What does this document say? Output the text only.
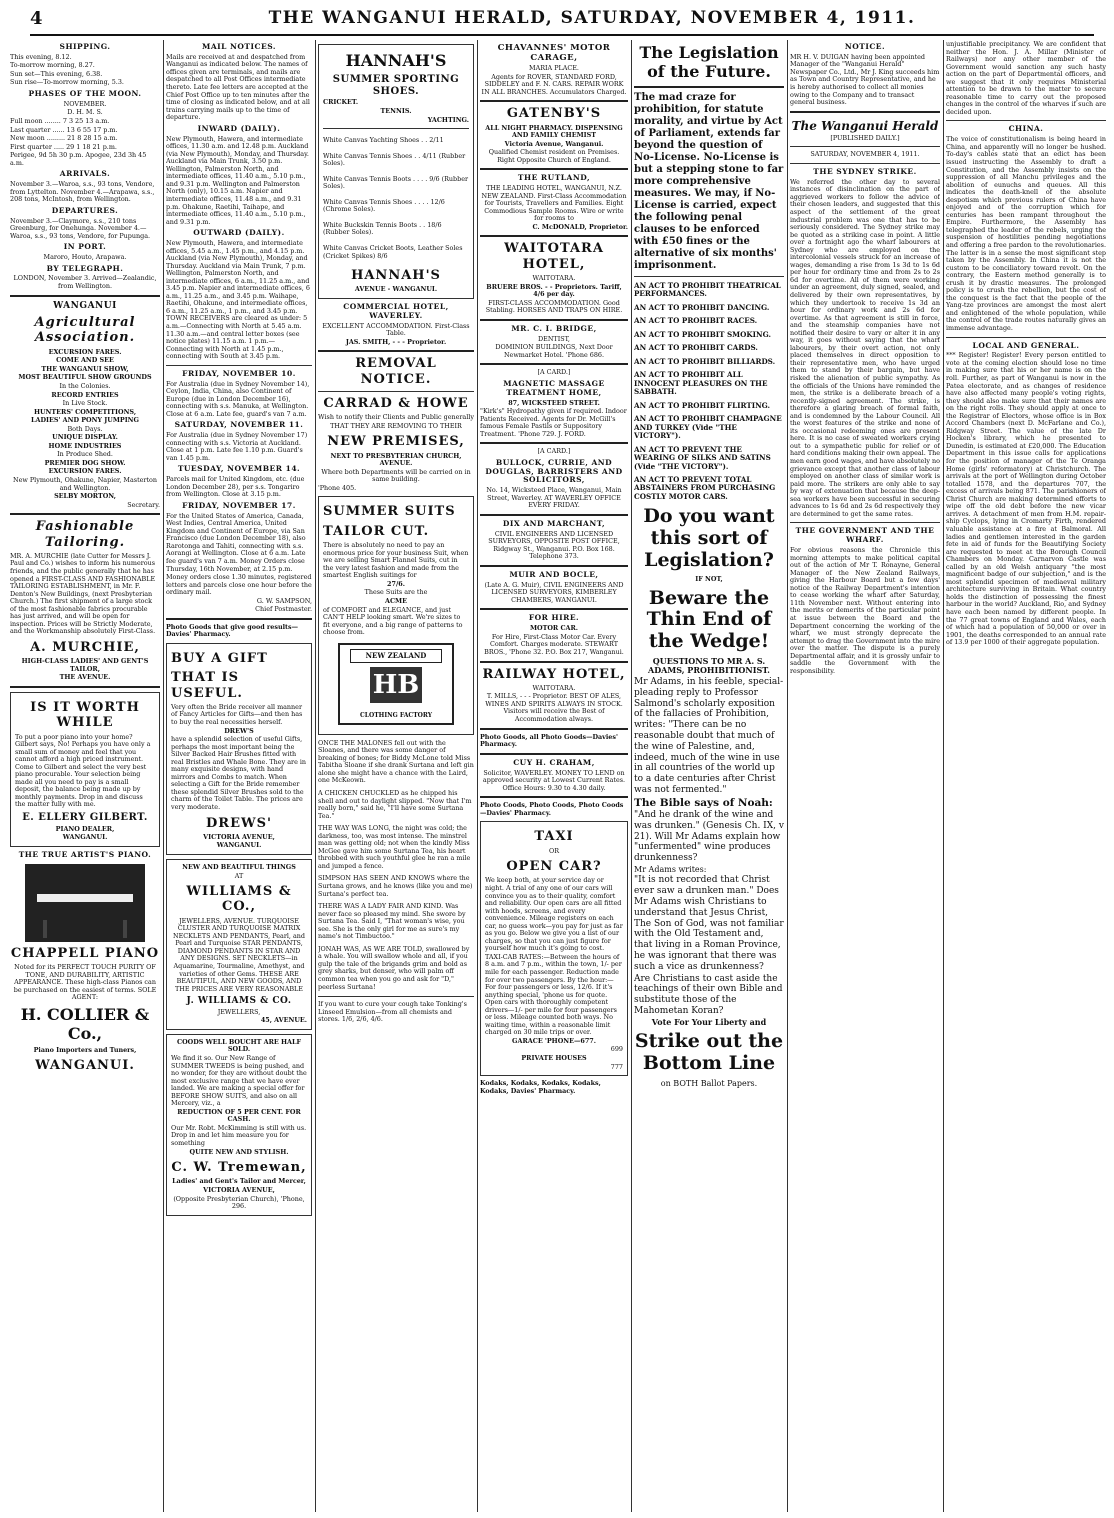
4	THE WANGANUI HERALD, SATURDAY, NOVEMBER 4, 1911.
SHIPPING.

This evening, 8.12.

To-morrow morning, 8.27.

Sun set—This evening, 6.38.

Sun rise—To-morrow morning, 5.3.

PHASES OF THE MOON.

NOVEMBER.

D. H. M. S.

Full moon ........ 7 3 25 13 a.m.

Last quarter ...... 13 6 55 17 p.m.

New moon ......... 21 8 28 15 a.m.

First quarter ..... 29 1 18 21 p.m.

Perigee, 9d 5h 30 p.m. Apogee, 23d 3h 45 a.m.

ARRIVALS.

November 3.—Waroa, s.s., 93 tons, Vendore, from Lyttelton. November 4.—Arapawa, s.s., 208 tons, McIntosh, from Wellington.

DEPARTURES.

November 3.—Claymore, s.s., 210 tons Greenburg, for Onehunga. November 4.—Waroa, s.s., 93 tons, Vendore, for Pupunga.

IN PORT.

Maroro, Houto, Arapawa.

BY TELEGRAPH.

LONDON, November 3. Arrived—Zealandic, from Wellington.

WANGANUI
Agricultural Association.

EXCURSION FARES.

COME AND SEE

THE WANGANUI SHOW,

MOST BEAUTIFUL SHOW GROUNDS

In the Colonies.

RECORD ENTRIES

In Live Stock.

HUNTERS' COMPETITIONS,

LADIES' AND PONY JUMPING

Both Days.

UNIQUE DISPLAY.

HOME INDUSTRIES

In Produce Shed.

PREMIER DOG SHOW.

EXCURSION FARES.

New Plymouth, Ohakune, Napier, Masterton and Wellington.

SELBY MORTON,

Secretary.

Fashionable Tailoring.

MR. A. MURCHIE (late Cutter for Messrs J. Paul and Co.) wishes to inform his numerous friends, and the public generally that he has opened a FIRST-CLASS AND FASHIONABLE TAILORING ESTABLISHMENT, in Mr. F. Denton's New Buildings, (next Presbyterian Church.) The first shipment of a large stock of the most fashionable fabrics procurable has just arrived, and will be open for inspection. Prices will be Strictly Moderate, and the Workmanship absolutely First-Class.

A. MURCHIE,

HIGH-CLASS LADIES' AND GENT'S TAILOR,

THE AVENUE.

IS IT WORTH WHILE

To put a poor piano into your home? Gilbert says, No! Perhaps you have only a small sum of money and feel that you cannot afford a high priced instrument. Come to Gilbert and select the very best piano procurable. Your selection being made all you need to pay is a small deposit, the balance being made up by monthly payments. Drop in and discuss the matter fully with me.

E. ELLERY GILBERT.

PIANO DEALER,

WANGANUI.

THE TRUE ARTIST'S PIANO.
CHAPPELL PIANO

Noted for its PERFECT TOUCH PURITY OF TONE, AND DURABILITY, ARTISTIC APPEARANCE. These high-class Pianos can be purchased on the easiest of terms. SOLE AGENT:

H. COLLIER & Co.,

Piano Importers and Tuners,

WANGANUI.
MAIL NOTICES.

Mails are received at and despatched from Wanganui as indicated below. The names of offices given are terminals, and mails are despatched to all Post Offices intermediate thereto. Late fee letters are accepted at the Chief Post Office up to ten minutes after the time of closing as indicated below, and at all trains carrying mails up to the time of departure.

INWARD (DAILY).

New Plymouth, Hawera, and intermediate offices, 11.30 a.m. and 12.48 p.m. Auckland (via New Plymouth), Monday, and Thursday. Auckland via Main Trunk, 3.50 p.m. Wellington, Palmerston North, and intermediate offices, 11.40 a.m., 5.10 p.m., and 9.31 p.m. Wellington and Palmerston North (only), 10.15 a.m. Napier and intermediate offices, 11.48 a.m., and 9.31 p.m. Ohakune, Raetihi, Taihape, and intermediate offices, 11.40 a.m., 5.10 p.m., and 9.31 p.m.

OUTWARD (DAILY).

New Plymouth, Hawera, and intermediate offices, 5.45 a.m., 1.45 p.m., and 4.15 p.m. Auckland (via New Plymouth), Monday, and Thursday. Auckland via Main Trunk, 7 p.m. Wellington, Palmerston North, and intermediate offices, 6 a.m., 11.25 a.m., and 3.45 p.m. Napier and intermediate offices, 6 a.m., 11.25 a.m., and 3.45 p.m. Waihape, Raetihi, Ohakune, and intermediate offices, 6 a.m., 11.25 a.m., 1 p.m., and 3.45 p.m. TOWN RECEIVERS are cleared as under: 5 a.m.—Connecting with North at 5.45 a.m. 11.30 a.m.—and central letter boxes (see notice plates) 11.15 a.m. 1 p.m.—Connecting with North at 1.45 p.m., connecting with South at 3.45 p.m.

FRIDAY, NOVEMBER 10.

For Australia (due in Sydney November 14), Ceylon, India, China, also Continent of Europe (due in London December 16), connecting with s.s. Manuka, at Wellington. Close at 6 a.m. Late fee, guard's van 7 a.m.

SATURDAY, NOVEMBER 11.

For Australia (due in Sydney November 17) connecting with s.s. Victoria at Auckland. Close at 1 p.m. Late fee 1.10 p.m. Guard's van 1.45 p.m.

TUESDAY, NOVEMBER 14.

Parcels mail for United Kingdom, etc. (due London December 28), per s.s. Tongariro from Wellington. Close at 3.15 p.m.

FRIDAY, NOVEMBER 17.

For the United States of America, Canada, West Indies, Central America, United Kingdom and Continent of Europe, via San Francisco (due London December 18), also Rarotonga and Tahiti, connecting with s.s. Aorangi at Wellington. Close at 6 a.m. Late fee guard's van 7 a.m. Money Orders close Thursday, 16th November, at 2.15 p.m.

Money orders close 1.30 minutes, registered letters and parcels close one hour before the ordinary mail.

G. W. SAMPSON,

Chief Postmaster.

Photo Goods that give good results—Davies' Pharmacy.

BUY A GIFT
THAT IS USEFUL.

Very often the Bride receiver all manner of Fancy Articles for Gifts—and then has to buy the real necessities herself.

DREW'S

have a splendid selection of useful Gifts, perhaps the most important being the Silver Backed Hair Brushes fitted with real Bristles and Whale Bone. They are in many exquisite designs, with hand mirrors and Combs to match. When selecting a Gift for the Bride remember these splendid Silver Brushes sold to the charm of the Toilet Table. The prices are very moderate.

DREWS'

VICTORIA AVENUE,

WANGANUI.

NEW AND BEAUTIFUL THINGS

AT

WILLIAMS & CO.,

JEWELLERS, AVENUE. TURQUOISE CLUSTER AND TURQUOISE MATRIX NECKLETS AND PENDANTS, Pearl, and Pearl and Turquoise STAR PENDANTS, DIAMOND PENDANTS IN STAR AND ANY DESIGNS. SET NECKLETS—in Aquamarine, Tourmaline, Amethyst, and varieties of other Gems. THESE ARE BEAUTIFUL, AND NEW GOODS, AND THE PRICES ARE VERY REASONABLE

J. WILLIAMS & CO.

JEWELLERS,

45, AVENUE.

COODS WELL BOUCHT ARE HALF SOLD.

We find it so. Our New Range of SUMMER TWEEDS is being pushed, and no wonder, for they are without doubt the most exclusive range that we have ever landed. We are making a special offer for BEFORE SHOW SUITS, and also on all Mercery, viz., a

REDUCTION OF 5 PER CENT. FOR CASH.

Our Mr. Robt. McKimming is still with us. Drop in and let him measure you for something

QUITE NEW AND STYLISH.

C. W. Tremewan,

Ladies' and Gent's Tailor and Mercer,

VICTORIA AVENUE,

(Opposite Presbyterian Church), 'Phone, 296.

HANNAH'S
SUMMER SPORTING SHOES.

CRICKET.

TENNIS.

YACHTING.

White Canvas Yachting Shoes . . 2/11

White Canvas Tennis Shoes . . 4/11 (Rubber Soles).

White Canvas Tennis Boots . . . . 9/6 (Rubber Soles).

White Canvas Tennis Shoes . . . . 12/6 (Chrome Soles).

White Buckskin Tennis Boots . . 18/6 (Rubber Soles).

White Canvas Cricket Boots, Leather Soles (Cricket Spikes) 8/6

HANNAH'S

AVENUE - WANGANUI.

COMMERCIAL HOTEL, WAVERLEY.

EXCELLENT ACCOMMODATION. First-Class Table.

JAS. SMITH, - - - Proprietor.

REMOVAL NOTICE.
CARRAD & HOWE

Wish to notify their Clients and Public generally

THAT THEY ARE REMOVING TO THEIR

NEW PREMISES,

NEXT TO PRESBYTERIAN CHURCH, AVENUE.

Where both Departments will be carried on in same building.

'Phone 405.

SUMMER SUITS
TAILOR CUT.

There is absolutely no need to pay an enormous price for your business Suit, when we are selling Smart Flannel Suits, cut in the very latest fashion and made from the smartest English suitings for

27/6.

These Suits are the

ACME

of COMFORT and ELEGANCE, and just CAN'T HELP looking smart. We're sizes to fit everyone, and a big range of patterns to choose from.

NEW ZEALAND
HB
CLOTHING FACTORY

ONCE THE MALONES fell out with the Sloanes, and there was some danger of breaking of bones; for Biddy McLone told Miss Tabitha Sloane if she drank Surtana and left gin alone she might have a chance with the Laird, one McKeown.

A CHICKEN CHUCKLED as he chipped his shell and out to daylight slipped. "Now that I'm really born," said he, "I'll have some Surtana Tea."

THE WAY WAS LONG, the night was cold; the darkness, too, was most intense. The minstrel man was getting old; not when the kindly Miss McGee gave him some Surtana Tea, his heart throbbed with such youthful glee he ran a mile and jumped a fence.

SIMPSON HAS SEEN AND KNOWS where the Surtana grows, and he knows (like you and me) Surtana's perfect tea.

THERE WAS A LADY FAIR AND KIND. Was never face so pleased my mind. She swore by Surtana Tea. Said I, "That woman's wise, you see. She is the only girl for me as sure's my name's not Timbuctoo."

JONAH WAS, AS WE ARE TOLD, swallowed by a whale. You will swallow whole and all, if you gulp the tale of the brigands grim and bold as grey sharks, but denser, who will palm off common tea when you go and ask for "D," peerless Surtana!

If you want to cure your cough take Tonking's Linseed Emulsion—from all chemists and stores. 1/6, 2/6, 4/6.

CHAVANNES' MOTOR CARAGE,

MARIA PLACE.

Agents for ROVER, STANDARD FORD, SIDDELEY and F. N. CARS. REPAIR WORK IN ALL BRANCHES. Accumulators Charged.

GATENBY'S

ALL NIGHT PHARMACY. DISPENSING AND FAMILY CHEMIST

Victoria Avenue, Wanganui.

Qualified Chemist resident on Premises. Right Opposite Church of England.

THE RUTLAND,

THE LEADING HOTEL, WANGANUI, N.Z. NEW ZEALAND. First-Class Accommodation for Tourists, Travellers and Families. Eight Commodious Sample Rooms. Wire or write for rooms to

C. McDONALD, Proprietor.

WAITOTARA HOTEL,

WAITOTARA.

BRUERE BROS. - - Proprietors. Tariff, 4/6 per day.

FIRST-CLASS ACCOMMODATION. Good Stabling. HORSES AND TRAPS ON HIRE.

MR. C. I. BRIDGE,

DENTIST,

DOMINION BUILDINGS, Next Door Newmarket Hotel. 'Phone 686.

[A CARD.]

MAGNETIC MASSAGE TREATMENT HOME,

87, WICKSTEED STREET.

"Kirk's" Hydropathy given if required. Indoor Patients Received. Agents for Dr. McGill's famous Female Pastils or Suppository Treatment. 'Phone 729. J. FORD.

[A CARD.]

BULLOCK, CURRIE, AND DOUGLAS, BARRISTERS AND SOLICITORS,

No. 14, Wicksteed Place, Wanganui, Main Street, Waverley. AT WAVERLEY OFFICE EVERY FRIDAY.

DIX AND MARCHANT,

CIVIL ENGINEERS AND LICENSED SURVEYORS, OPPOSITE POST OFFICE, Ridgway St., Wanganui. P.O. Box 168. Telephone 373.

MUIR AND BOCLE,

(Late A. G. Muir), CIVIL ENGINEERS AND LICENSED SURVEYORS, KIMBERLEY CHAMBERS, WANGANUI.

FOR HIRE.

MOTOR CAR.

For Hire, First-Class Motor Car. Every Comfort. Charges moderate. STEWART BROS., 'Phone 32. P.O. Box 217, Wanganui.

RAILWAY HOTEL,

WAITOTARA.

T. MILLS, - - - Proprietor. BEST OF ALES, WINES AND SPIRITS ALWAYS IN STOCK. Visitors will receive the Best of Accommodation always.

Photo Goods, all Photo Goods—Davies' Pharmacy.

CUY H. CRAHAM,

Solicitor, WAVERLEY. MONEY TO LEND on approved security at Lowest Current Rates. Office Hours: 9.30 to 4.30 daily.

Photo Coods, Photo Coods, Photo Coods—Davies' Pharmacy.

TAXI

OR

OPEN CAR?

We keep both, at your service day or night. A trial of any one of our cars will convince you as to their quality, comfort and reliability. Our open cars are all fitted with hoods, screens, and every convenience. Mileage registers on each car, no guess work—you pay for just as far as you go. Below we give you a list of our charges, so that you can just figure for yourself how much it's going to cost.

TAXI-CAB RATES:—Between the hours of 8 a.m. and 7 p.m., within the town, 1/- per mile for each passenger. Reduction made for over two passengers. By the hour:—For four passengers or less, 12/6. If it's anything special, 'phone us for quote. Open cars with thoroughly competent drivers—1/- per mile for four passengers or less. Mileage counted both ways. No waiting time, within a reasonable limit charged on 30 mile trips or over.

GARACE 'PHONE—677.

699

PRIVATE HOUSES

777

Kodaks, Kodaks, Kodaks, Kodaks, Kodaks, Davies' Pharmacy.

The Legislation of the Future.

The mad craze for prohibition, for statute morality, and virtue by Act of Parliament, extends far beyond the question of No-License. No-License is but a stepping stone to far more comprehensive measures. We may, if No-License is carried, expect the following penal clauses to be enforced with £50 fines or the alternative of six months' imprisonment.

AN ACT TO PROHIBIT THEATRICAL PERFORMANCES.

AN ACT TO PROHIBIT DANCING.

AN ACT TO PROHIBIT RACES.

AN ACT TO PROHIBIT SMOKING.

AN ACT TO PROHIBIT CARDS.

AN ACT TO PROHIBIT BILLIARDS.

AN ACT TO PROHIBIT ALL INNOCENT PLEASURES ON THE SABBATH.

AN ACT TO PROHIBIT FLIRTING.

AN ACT TO PROHIBIT CHAMPAGNE AND TURKEY (Vide "THE VICTORY").

AN ACT TO PREVENT THE WEARING OF SILKS AND SATINS (Vide "THE VICTORY").

AN ACT TO PREVENT TOTAL ABSTAINERS FROM PURCHASING COSTLY MOTOR CARS.

Do you want this sort of Legislation?

IF NOT,

Beware the Thin End of the Wedge!

QUESTIONS TO MR A. S. ADAMS, PROHIBITIONIST.

Mr Adams, in his feeble, special-pleading reply to Professor Salmond's scholarly exposition of the fallacies of Prohibition, writes: "There can be no reasonable doubt that much of the wine of Palestine, and, indeed, much of the wine in use in all countries of the world up to a date centuries after Christ was not fermented."

The Bible says of Noah:

"And he drank of the wine and was drunken." (Genesis Ch. IX, v 21). Will Mr Adams explain how "unfermented" wine produces drunkenness?

Mr Adams writes:

"It is not recorded that Christ ever saw a drunken man." Does Mr Adams wish Christians to understand that Jesus Christ, The Son of God, was not familiar with the Old Testament and, that living in a Roman Province, he was ignorant that there was such a vice as drunkenness?

Are Christians to cast aside the teachings of their own Bible and substitute those of the Mahometan Koran?

Vote For Your Liberty and

Strike out the Bottom Line

on BOTH Ballot Papers.

NOTICE.

MR H. V. DUIGAN having been appointed Manager of the "Wanganui Herald" Newspaper Co., Ltd., Mr J. King succeeds him as Town and Country Representative, and he is hereby authorised to collect all monies owing to the Company and to transact general business.

The Wanganui Herald

[PUBLISHED DAILY.]

SATURDAY, NOVEMBER 4, 1911.

THE SYDNEY STRIKE.

We referred the other day to several instances of disinclination on the part of aggrieved workers to follow the advice of their chosen leaders, and suggested that this aspect of the settlement of the great industrial problem was one that has to be seriously considered. The Sydney strike may be quoted as a striking case in point. A little over a fortnight ago the wharf labourers at Sydney who are employed on the intercolonial vessels struck for an increase of wages, demanding a rise from 1s 3d to 1s 6d per hour for ordinary time and from 2s to 2s 6d for overtime. All of them were working under an agreement, duly signed, sealed, and delivered by their own representatives, by which they undertook to receive 1s 3d an hour for ordinary work and 2s 6d for overtime. As that agreement is still in force, and the steamship companies have not notified their desire to vary or alter it in any way, it goes without saying that the wharf labourers, by their overt action, not only placed themselves in direct opposition to their representative men, who have urged them to stand by their bargain, but have risked the alienation of public sympathy. As the officials of the Unions have reminded the men, the strike is a deliberate breach of a recently-signed agreement. The strike, is therefore a glaring breach of formal faith, and is condemned by the Labour Council. All the worst features of the strike and none of its occasional redeeming ones are present here. It is no case of sweated workers crying out to a sympathetic public for relief or of hard conditions making their own appeal. The men earn good wages, and have absolutely no grievance except that another class of labour employed on another class of similar work is paid more. The strikers are only able to say by way of extenuation that because the deep-sea workers have been successful in securing advances to 1s 6d and 2s 6d respectively they are determined to get the same rates.

THE GOVERNMENT AND THE WHARF.

For obvious reasons the Chronicle this morning attempts to make political capital out of the action of Mr T. Ronayne, General Manager of the New Zealand Railways, giving the Harbour Board but a few days' notice of the Railway Department's intention to cease working the wharf after Saturday, 11th November next. Without entering into the merits or demerits of the particular point at issue between the Board and the Department concerning the working of the wharf, we must strongly deprecate the attempt to drag the Government into the mire over the matter. The dispute is a purely Departmental affair, and it is grossly unfair to saddle the Government with the responsibility.

unjustifiable precipitancy. We are confident that neither the Hon. J. A. Millar (Minister of Railways) nor any other member of the Government would sanction any such hasty action on the part of Departmental officers, and we suggest that it only requires Ministerial attention to be drawn to the matter to secure reasonable time to carry out the proposed changes in the control of the wharves if such are decided upon.

CHINA.

The voice of constitutionalism is being heard in China, and apparently will no longer be hushed. To-day's cables state that an edict has been issued instructing the Assembly to draft a Constitution, and the Assembly insists on the suppression of all Manchu privileges and the abolition of eunuchs and queues. All this indicates the death-knell of the absolute despotism which previous rulers of China have enjoyed and of the corruption which for centuries has been rampant throughout the Empire. Furthermore, the Assembly has telegraphed the leader of the rebels, urging the suspension of hostilities pending negotiations and offering a free pardon to the revolutionaries. The latter is in a sense the most significant step taken by the Assembly. In China it is not the custom to be conciliatory toward revolt. On the contrary, the Eastern method generally is to crush it by drastic measures. The prolonged policy is to crush the rebellion, but the cost of the conquest is the fact that the people of the Yang-tze provinces are amongst the most alert and enlightened of the whole population, while the control of the trade routes naturally gives an immense advantage.

LOCAL AND GENERAL.

*** Register! Register! Every person entitled to vote at the coming election should lose no time in making sure that his or her name is on the roll. Further, as part of Wanganui is now in the Patea electorate, and as changes of residence have also affected many people's voting rights, they should also make sure that their names are on the right rolls. They should apply at once to the Registrar of Electors, whose office is in Box Accord Chambers (next D. McFarlane and Co.), Ridgway Street. The value of the late Dr Hocken's library, which he presented to Dunedin, is estimated at £20,000. The Education Department in this issue calls for applications for the position of manager of the Te Oranga Home (girls' reformatory) at Christchurch. The arrivals at the port of Wellington during October totalled 1578, and the departures 707, the excess of arrivals being 871. The parishioners of Christ Church are making determined efforts to wipe off the old debt before the new vicar arrives. A detachment of men from H.M. repair-ship Cyclops, lying in Cromarty Firth, rendered valuable assistance at a fire at Balmoral. All ladies and gentlemen interested in the garden fete in aid of funds for the Beautifying Society are requested to meet at the Borough Council Chambers on Monday. Carnarvon Castle was called by an old Welsh antiquary "the most magnificent badge of our subjection," and is the most splendid specimen of mediaeval military architecture surviving in Britain. What country holds the distinction of possessing the finest harbour in the world? Auckland, Rio, and Sydney have each been named by different people. In the 77 great towns of England and Wales, each of which had a population of 50,000 or over in 1901, the deaths corresponded to an annual rate of 13.9 per 1000 of their aggregate population.
